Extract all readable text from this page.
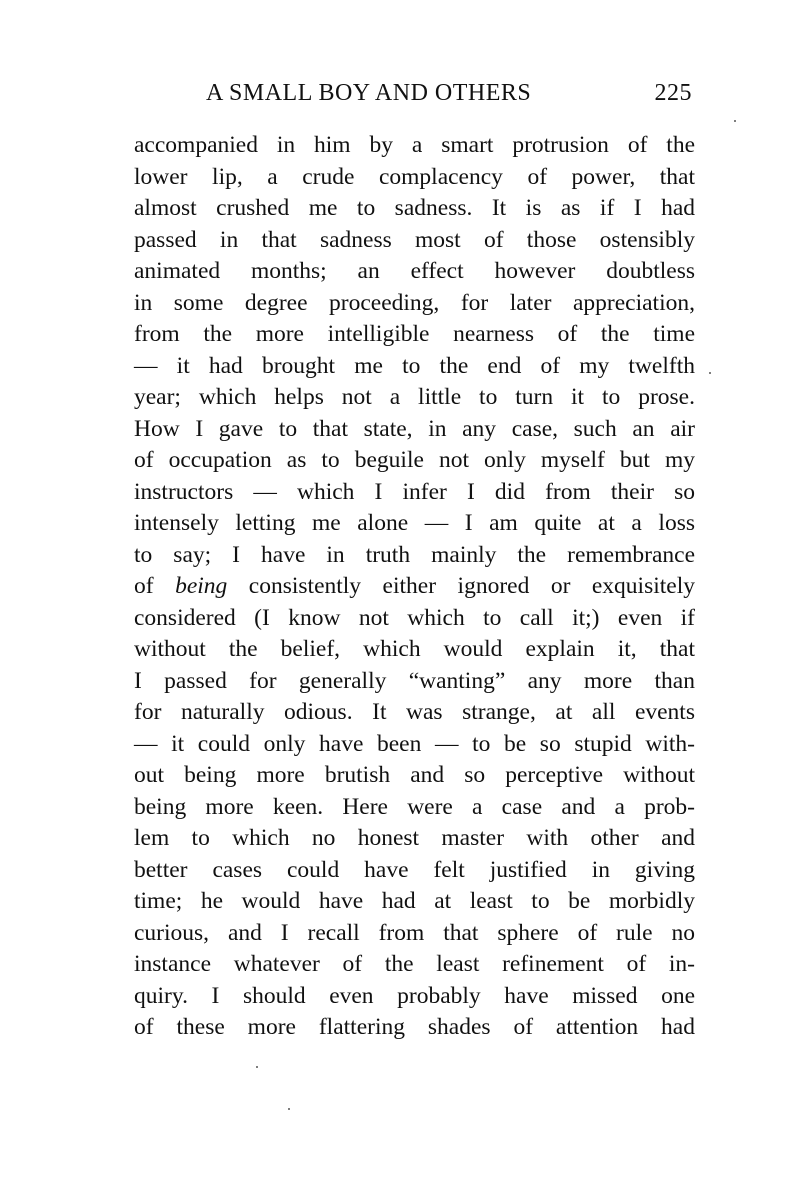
A SMALL BOY AND OTHERS	225
accompanied in him by a smart protrusion of the
lower lip, a crude complacency of power, that
almost crushed me to sadness. It is as if I had
passed in that sadness most of those ostensibly
animated months; an effect however doubtless
in some degree proceeding, for later appreciation,
from the more intelligible nearness of the time
— it had brought me to the end of my twelfth
year; which helps not a little to turn it to prose.
How I gave to that state, in any case, such an air
of occupation as to beguile not only myself but my
instructors — which I infer I did from their so
intensely letting me alone — I am quite at a loss
to say; I have in truth mainly the remembrance
of being consistently either ignored or exquisitely
considered (I know not which to call it;) even if
without the belief, which would explain it, that
I passed for generally “wanting” any more than
for naturally odious. It was strange, at all events
— it could only have been — to be so stupid with-
out being more brutish and so perceptive without
being more keen. Here were a case and a prob-
lem to which no honest master with other and
better cases could have felt justified in giving
time; he would have had at least to be morbidly
curious, and I recall from that sphere of rule no
instance whatever of the least refinement of in-
quiry. I should even probably have missed one
of these more flattering shades of attention had
